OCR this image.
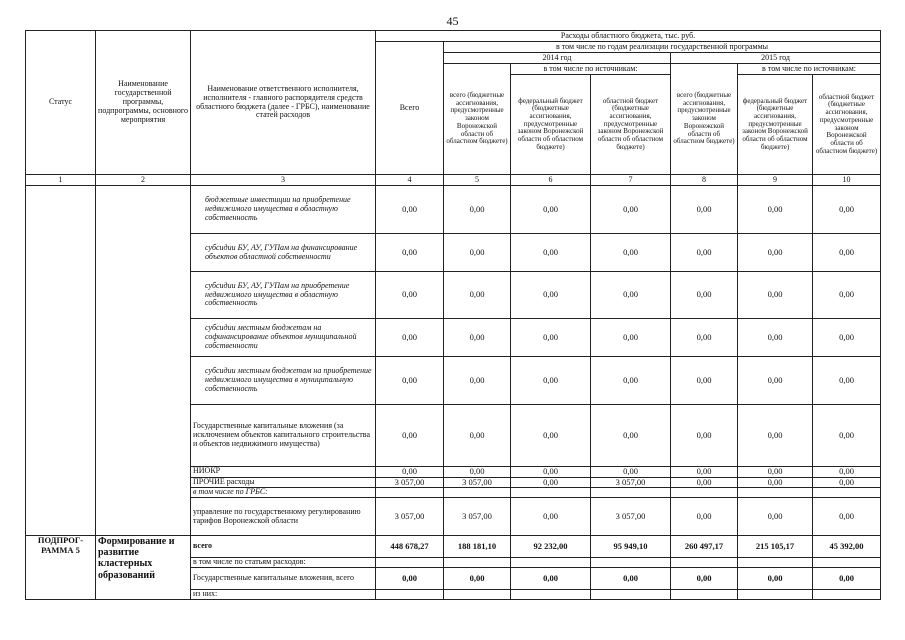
45
Статус	Наименование государственной программы, подпрограммы, основного мероприятия	Наименование ответственного исполнителя, исполнителя - главного распорядителя средств областного бюджета (далее - ГРБС), наименование статей расходов	Расходы областного бюджета, тыс. руб.						
			Всего	в том числе по годам реализации государственной программы					
				2014 год			2015 год		
				всего (бюджетные ассигнования, предусмотренные законом Воронежской области об областном бюджете)	в том числе по источникам:		всего (бюджетные ассигнования, предусмотренные законом Воронежской области об областном бюджете)	в том числе по источникам:	
					федеральный бюджет (бюджетные ассигнования, предусмотренные законом Воронежской области об областном бюджете)	областной бюджет (бюджетные ассигнования, предусмотренные законом Воронежской области об областном бюджете)		федеральный бюджет (бюджетные ассигнования, предусмотренные законом Воронежской области об областном бюджете)	областной бюджет (бюджетные ассигнования, предусмотренные законом Воронежской области об областном бюджете)
1	2	3	4	5	6	7	8	9	10
		бюджетные инвестиции на приобретение недвижимого имущества в областную собственность	0,00	0,00	0,00	0,00	0,00	0,00	0,00
		субсидии БУ, АУ, ГУПам на финансирование объектов областной собственности	0,00	0,00	0,00	0,00	0,00	0,00	0,00
		субсидии БУ, АУ, ГУПам на приобретение недвижимого имущества в областную собственность	0,00	0,00	0,00	0,00	0,00	0,00	0,00
		субсидии местным бюджетам на софинансирование объектов муниципальной собственности	0,00	0,00	0,00	0,00	0,00	0,00	0,00
		субсидии местным бюджетам на приобретение недвижимого имущества в муниципальную собственность	0,00	0,00	0,00	0,00	0,00	0,00	0,00
		Государственные капитальные вложения (за исключением объектов капитального строительства и объектов недвижимого имущества)	0,00	0,00	0,00	0,00	0,00	0,00	0,00
		НИОКР	0,00	0,00	0,00	0,00	0,00	0,00	0,00
		ПРОЧИЕ расходы	3 057,00	3 057,00	0,00	3 057,00	0,00	0,00	0,00
		в том числе по ГРБС:							
		управление по государственному регулированию тарифов Воронежской области	3 057,00	3 057,00	0,00	3 057,00	0,00	0,00	0,00
ПОДПРОГ-РАММА 5	Формирование и развитие кластерных образований	всего	448 678,27	188 181,10	92 232,00	95 949,10	260 497,17	215 105,17	45 392,00
		в том числе по статьям расходов:							
		Государственные капитальные вложения, всего	0,00	0,00	0,00	0,00	0,00	0,00	0,00
		из них:							
